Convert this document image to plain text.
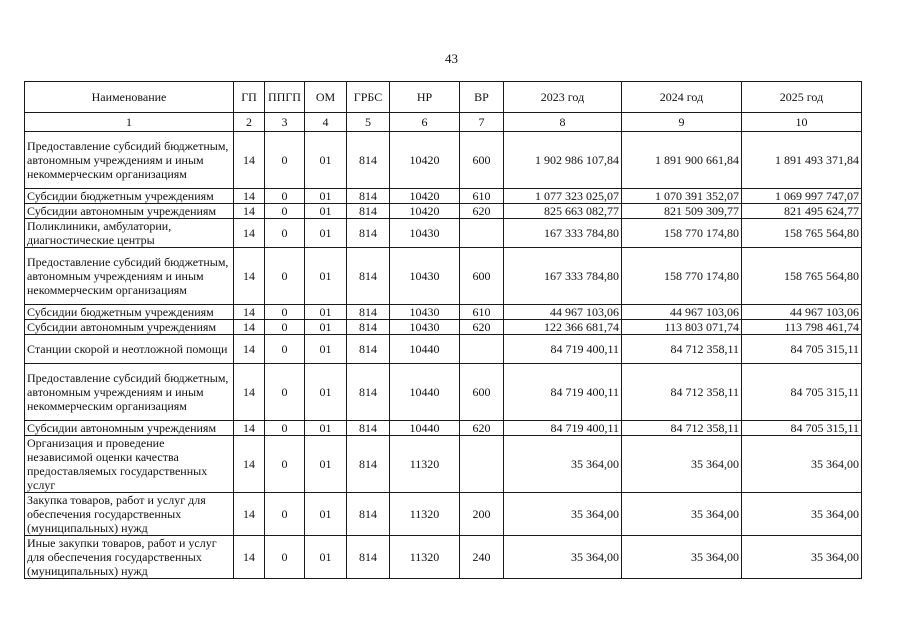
43
Наименование	ГП	ППГП	ОМ	ГРБС	НР	ВР	2023 год	2024 год	2025 год
1	2	3	4	5	6	7	8	9	10
Предоставление субсидий бюджетным, автономным учреждениям и иным некоммерческим организациям	14	0	01	814	10420	600	1 902 986 107,84	1 891 900 661,84	1 891 493 371,84
Субсидии бюджетным учреждениям	14	0	01	814	10420	610	1 077 323 025,07	1 070 391 352,07	1 069 997 747,07
Субсидии автономным учреждениям	14	0	01	814	10420	620	825 663 082,77	821 509 309,77	821 495 624,77
Поликлиники, амбулатории, диагностические центры	14	0	01	814	10430		167 333 784,80	158 770 174,80	158 765 564,80
Предоставление субсидий бюджетным, автономным учреждениям и иным некоммерческим организациям	14	0	01	814	10430	600	167 333 784,80	158 770 174,80	158 765 564,80
Субсидии бюджетным учреждениям	14	0	01	814	10430	610	44 967 103,06	44 967 103,06	44 967 103,06
Субсидии автономным учреждениям	14	0	01	814	10430	620	122 366 681,74	113 803 071,74	113 798 461,74
Станции скорой и неотложной помощи	14	0	01	814	10440		84 719 400,11	84 712 358,11	84 705 315,11
Предоставление субсидий бюджетным, автономным учреждениям и иным некоммерческим организациям	14	0	01	814	10440	600	84 719 400,11	84 712 358,11	84 705 315,11
Субсидии автономным учреждениям	14	0	01	814	10440	620	84 719 400,11	84 712 358,11	84 705 315,11
Организация и проведение независимой оценки качества предоставляемых государственных услуг	14	0	01	814	11320		35 364,00	35 364,00	35 364,00
Закупка товаров, работ и услуг для обеспечения государственных (муниципальных) нужд	14	0	01	814	11320	200	35 364,00	35 364,00	35 364,00
Иные закупки товаров, работ и услуг для обеспечения государственных (муниципальных) нужд	14	0	01	814	11320	240	35 364,00	35 364,00	35 364,00
